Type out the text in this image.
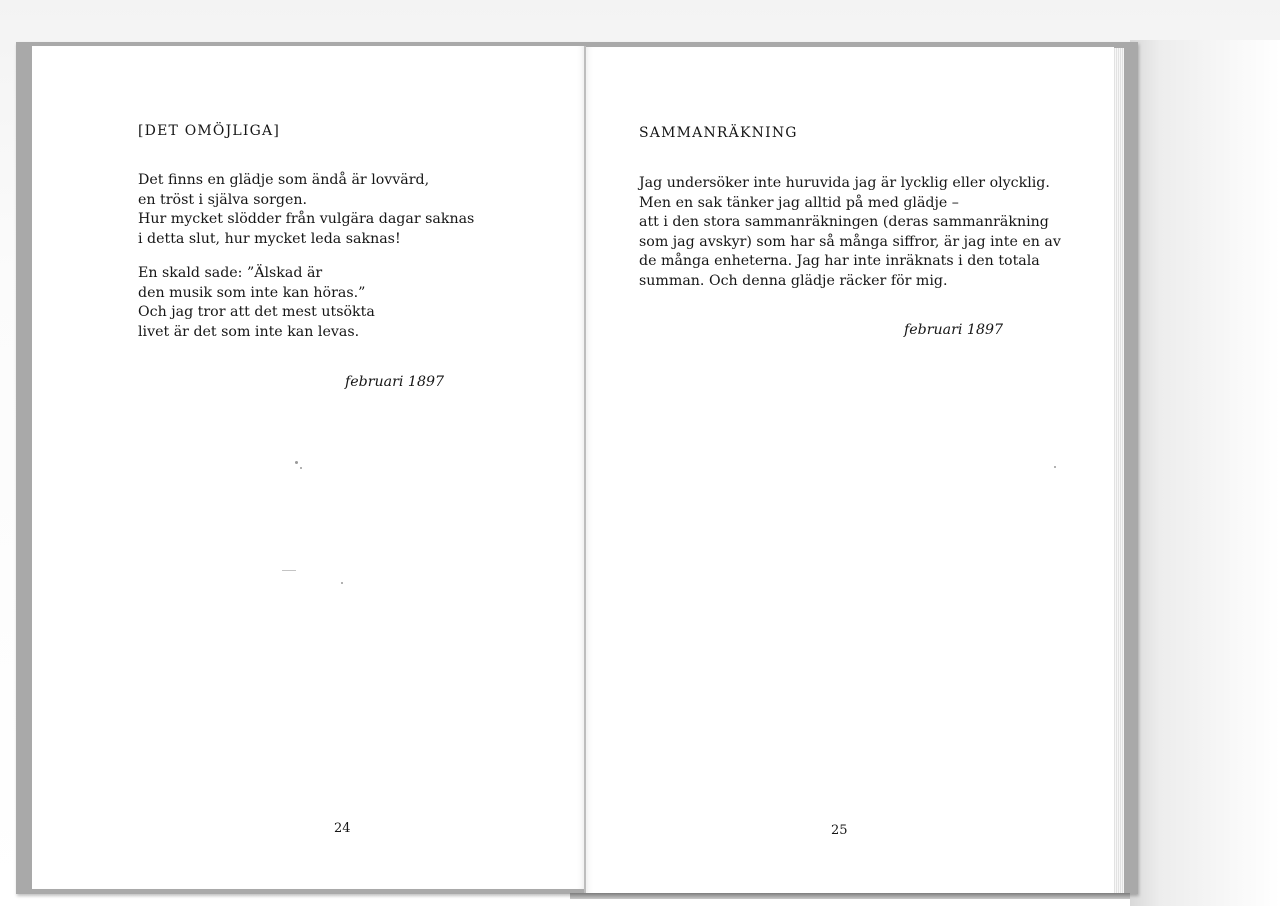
[DET OMÖJLIGA]
Det finns en glädje som ändå är lovvärd,
en tröst i själva sorgen.
Hur mycket slödder från vulgära dagar saknas
i detta slut, hur mycket leda saknas!
En skald sade: ”Älskad är
den musik som inte kan höras.”
Och jag tror att det mest utsökta
livet är det som inte kan levas.
februari 1897
24
SAMMANRÄKNING
Jag undersöker inte huruvida jag är lycklig eller olycklig.
Men en sak tänker jag alltid på med glädje –
att i den stora sammanräkningen (deras sammanräkning
som jag avskyr) som har så många siffror, är jag inte en av
de många enheterna. Jag har inte inräknats i den totala
summan. Och denna glädje räcker för mig.
februari 1897
25
